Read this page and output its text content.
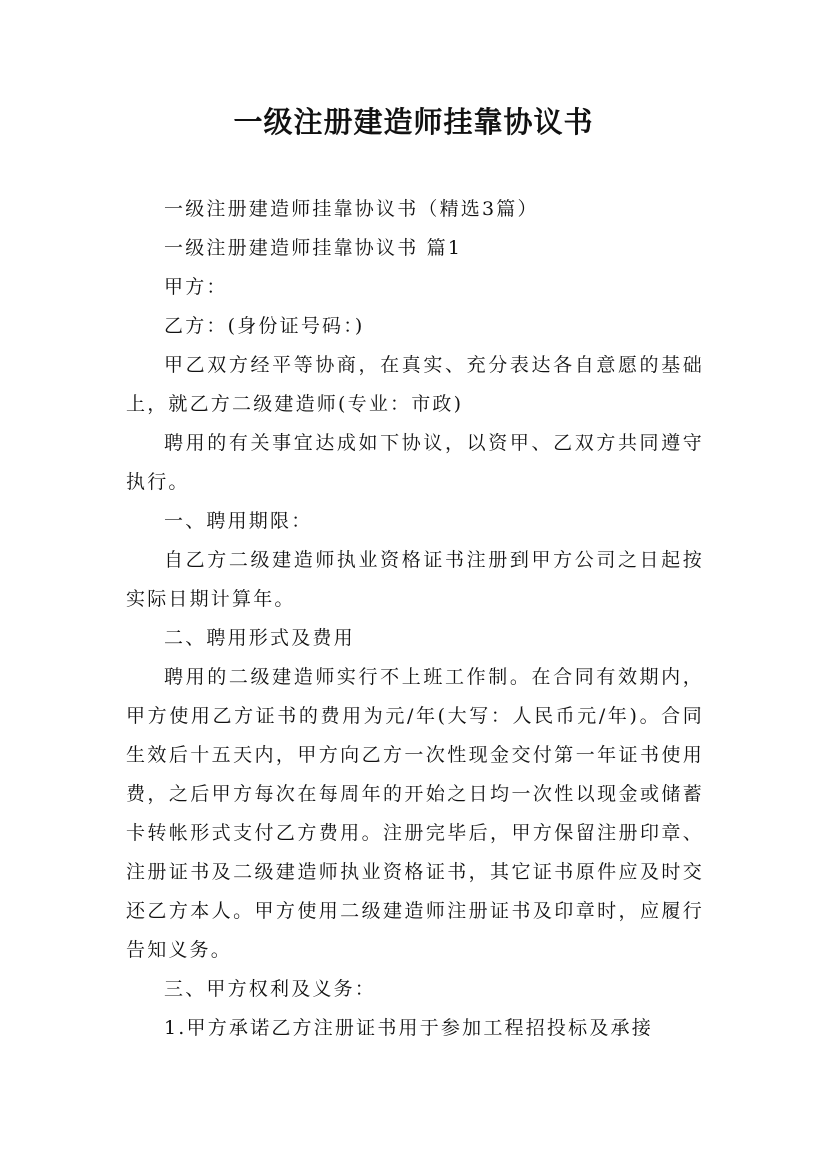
一级注册建造师挂靠协议书

一级注册建造师挂靠协议书（精选3篇）

一级注册建造师挂靠协议书 篇1

甲方：

乙方：(身份证号码：)

甲乙双方经平等协商，在真实、充分表达各自意愿的基础上，就乙方二级建造师(专业：市政)

聘用的有关事宜达成如下协议，以资甲、乙双方共同遵守执行。

一、聘用期限：

自乙方二级建造师执业资格证书注册到甲方公司之日起按实际日期计算年。

二、聘用形式及费用

聘用的二级建造师实行不上班工作制。在合同有效期内，甲方使用乙方证书的费用为元/年(大写：人民币元/年)。合同生效后十五天内，甲方向乙方一次性现金交付第一年证书使用费，之后甲方每次在每周年的开始之日均一次性以现金或储蓄卡转帐形式支付乙方费用。注册完毕后，甲方保留注册印章、注册证书及二级建造师执业资格证书，其它证书原件应及时交还乙方本人。甲方使用二级建造师注册证书及印章时，应履行告知义务。

三、甲方权利及义务：

1.甲方承诺乙方注册证书用于参加工程招投标及承接
